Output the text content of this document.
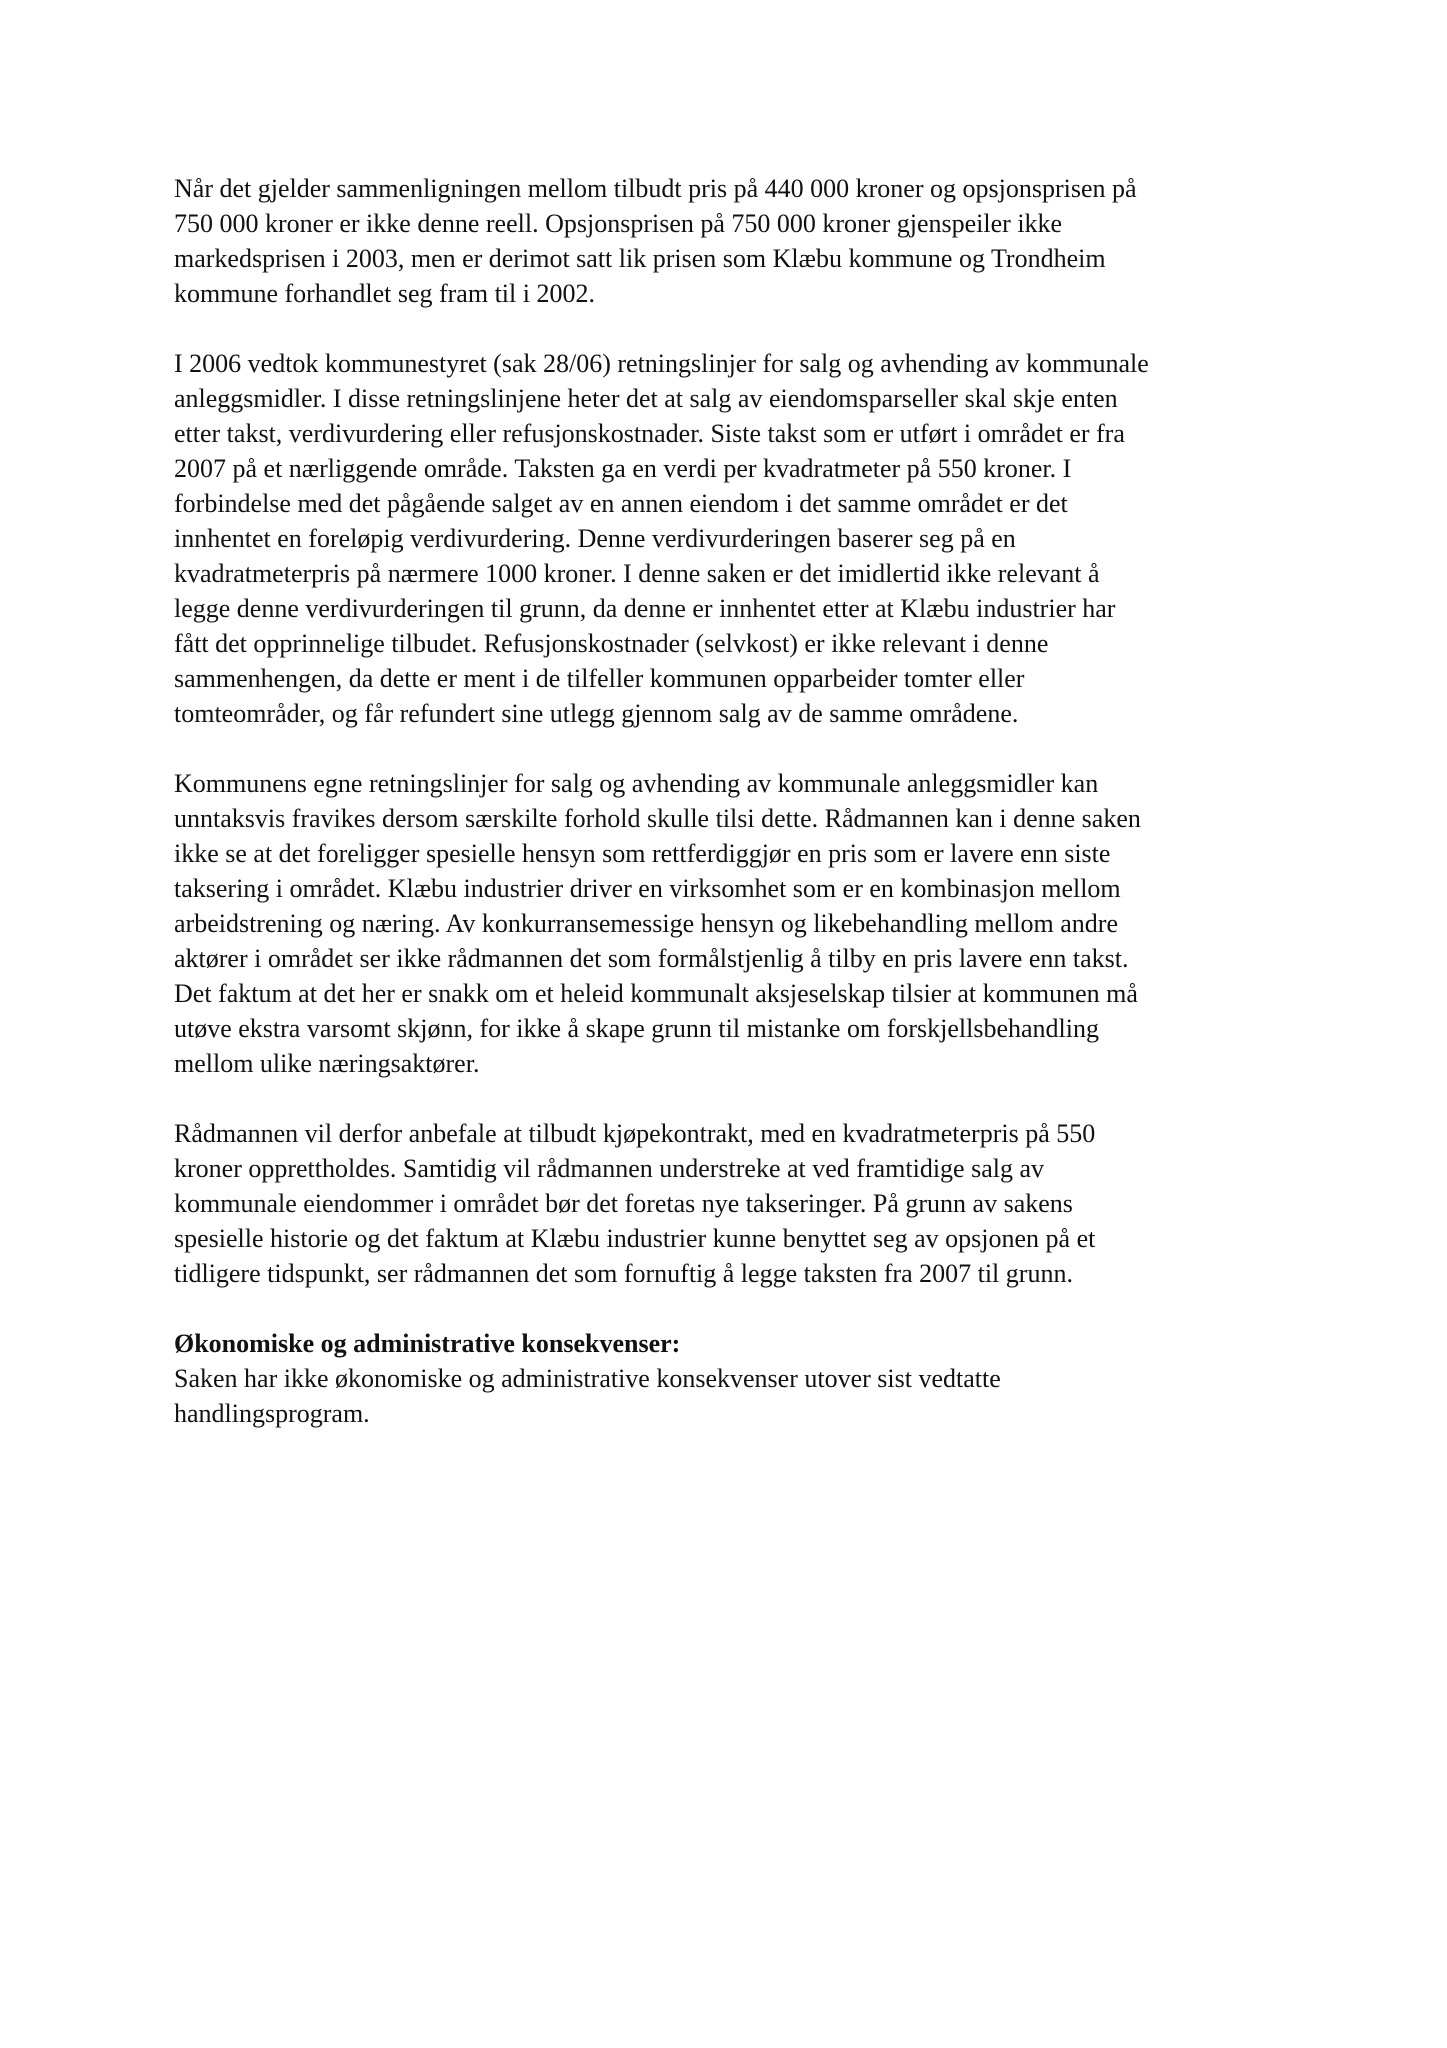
Når det gjelder sammenligningen mellom tilbudt pris på 440 000 kroner og opsjonsprisen på
750 000 kroner er ikke denne reell. Opsjonsprisen på 750 000 kroner gjenspeiler ikke
markedsprisen i 2003, men er derimot satt lik prisen som Klæbu kommune og Trondheim
kommune forhandlet seg fram til i 2002.

I 2006 vedtok kommunestyret (sak 28/06) retningslinjer for salg og avhending av kommunale
anleggsmidler. I disse retningslinjene heter det at salg av eiendomsparseller skal skje enten
etter takst, verdivurdering eller refusjonskostnader. Siste takst som er utført i området er fra
2007 på et nærliggende område. Taksten ga en verdi per kvadratmeter på 550 kroner. I
forbindelse med det pågående salget av en annen eiendom i det samme området er det
innhentet en foreløpig verdivurdering. Denne verdivurderingen baserer seg på en
kvadratmeterpris på nærmere 1000 kroner. I denne saken er det imidlertid ikke relevant å
legge denne verdivurderingen til grunn, da denne er innhentet etter at Klæbu industrier har
fått det opprinnelige tilbudet. Refusjonskostnader (selvkost) er ikke relevant i denne
sammenhengen, da dette er ment i de tilfeller kommunen opparbeider tomter eller
tomteområder, og får refundert sine utlegg gjennom salg av de samme områdene.

Kommunens egne retningslinjer for salg og avhending av kommunale anleggsmidler kan
unntaksvis fravikes dersom særskilte forhold skulle tilsi dette. Rådmannen kan i denne saken
ikke se at det foreligger spesielle hensyn som rettferdiggjør en pris som er lavere enn siste
taksering i området. Klæbu industrier driver en virksomhet som er en kombinasjon mellom
arbeidstrening og næring. Av konkurransemessige hensyn og likebehandling mellom andre
aktører i området ser ikke rådmannen det som formålstjenlig å tilby en pris lavere enn takst.
Det faktum at det her er snakk om et heleid kommunalt aksjeselskap tilsier at kommunen må
utøve ekstra varsomt skjønn, for ikke å skape grunn til mistanke om forskjellsbehandling
mellom ulike næringsaktører.

Rådmannen vil derfor anbefale at tilbudt kjøpekontrakt, med en kvadratmeterpris på 550
kroner opprettholdes. Samtidig vil rådmannen understreke at ved framtidige salg av
kommunale eiendommer i området bør det foretas nye takseringer. På grunn av sakens
spesielle historie og det faktum at Klæbu industrier kunne benyttet seg av opsjonen på et
tidligere tidspunkt, ser rådmannen det som fornuftig å legge taksten fra 2007 til grunn.

Økonomiske og administrative konsekvenser:
Saken har ikke økonomiske og administrative konsekvenser utover sist vedtatte
handlingsprogram.
